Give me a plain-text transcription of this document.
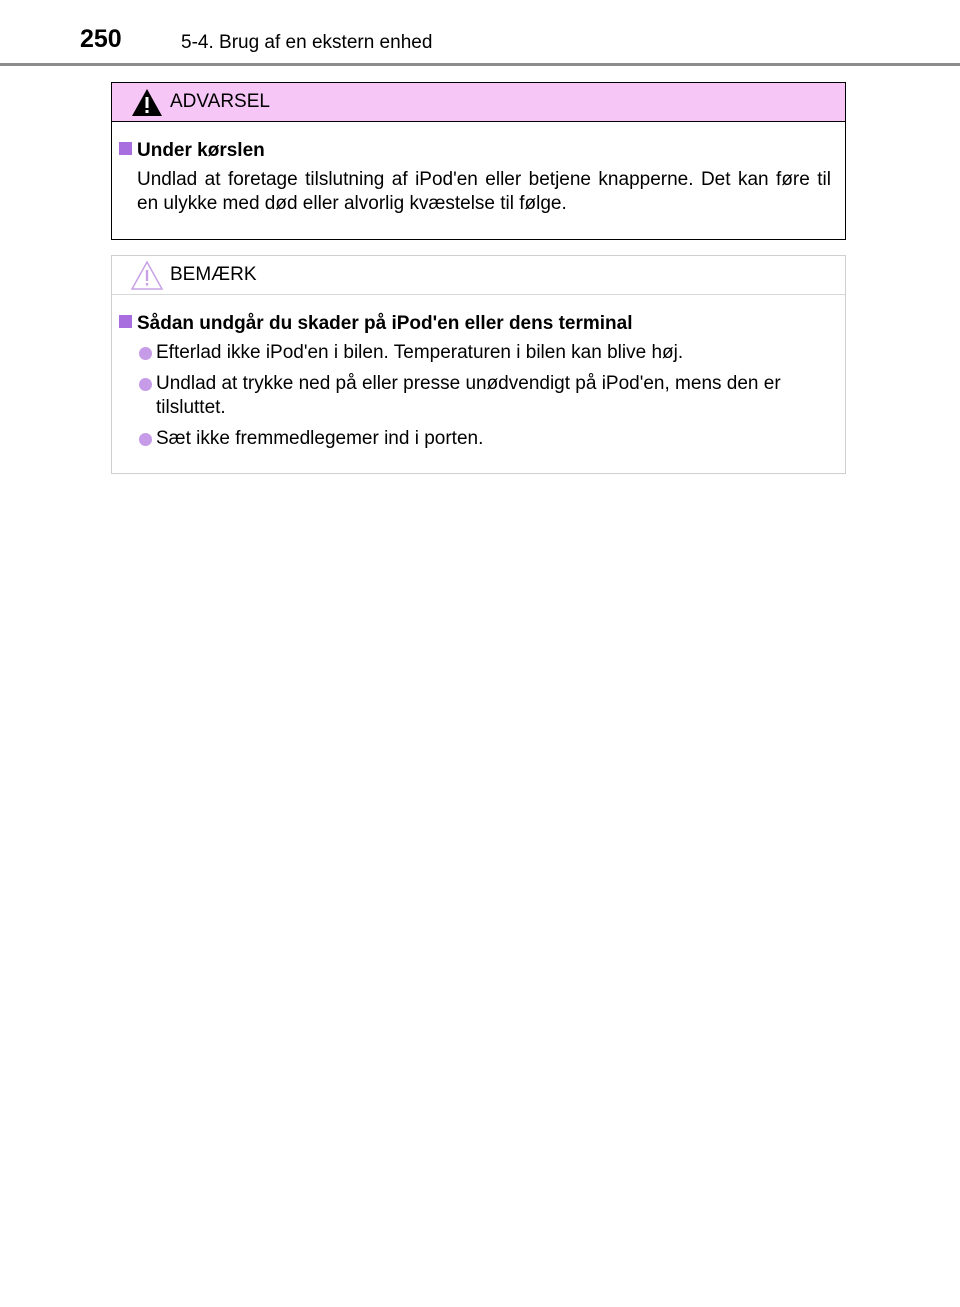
250	5-4. Brug af en ekstern enhed
ADVARSEL
Under kørslen
Undlad at foretage tilslutning af iPod'en eller betjene knapperne. Det kan føre til en ulykke med død eller alvorlig kvæstelse til følge.
BEMÆRK
Sådan undgår du skader på iPod'en eller dens terminal
Efterlad ikke iPod'en i bilen. Temperaturen i bilen kan blive høj.
Undlad at trykke ned på eller presse unødvendigt på iPod'en, mens den er tilsluttet.
Sæt ikke fremmedlegemer ind i porten.
